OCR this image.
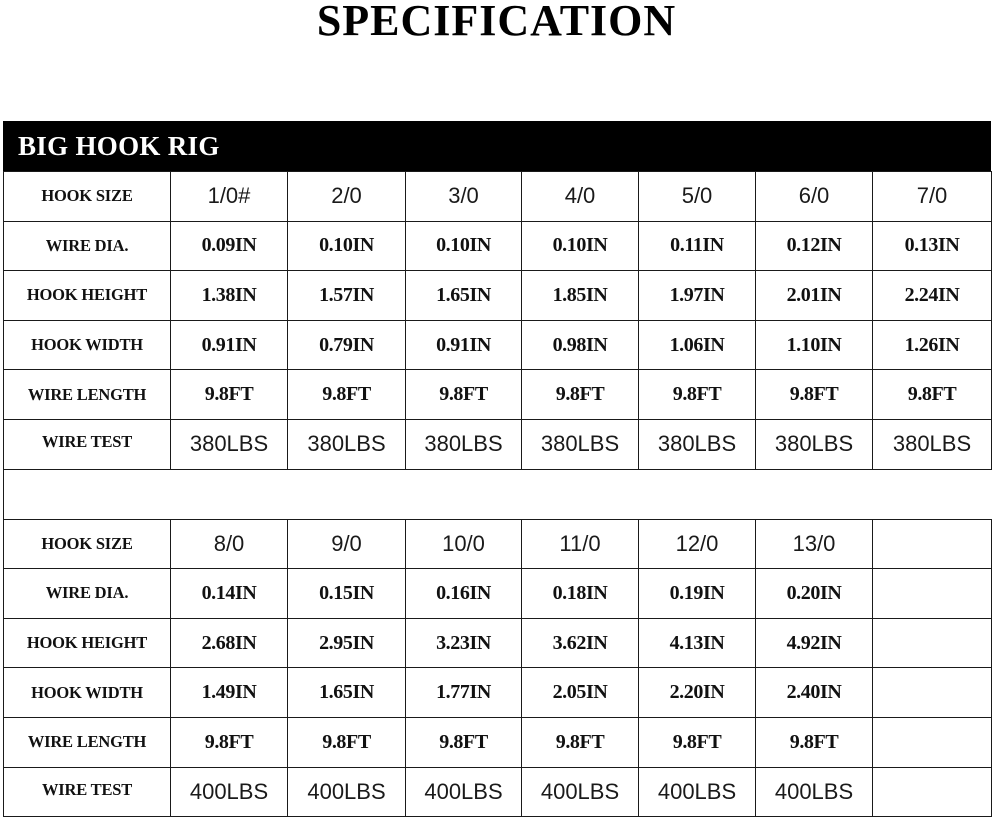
SPECIFICATION
BIG HOOK RIG
HOOK SIZE	1/0#	2/0	3/0	4/0	5/0	6/0	7/0
WIRE DIA.	0.09IN	0.10IN	0.10IN	0.10IN	0.11IN	0.12IN	0.13IN
HOOK HEIGHT	1.38IN	1.57IN	1.65IN	1.85IN	1.97IN	2.01IN	2.24IN
HOOK WIDTH	0.91IN	0.79IN	0.91IN	0.98IN	1.06IN	1.10IN	1.26IN
WIRE LENGTH	9.8FT	9.8FT	9.8FT	9.8FT	9.8FT	9.8FT	9.8FT
WIRE TEST	380LBS	380LBS	380LBS	380LBS	380LBS	380LBS	380LBS

HOOK SIZE	8/0	9/0	10/0	11/0	12/0	13/0	
WIRE DIA.	0.14IN	0.15IN	0.16IN	0.18IN	0.19IN	0.20IN	
HOOK HEIGHT	2.68IN	2.95IN	3.23IN	3.62IN	4.13IN	4.92IN	
HOOK WIDTH	1.49IN	1.65IN	1.77IN	2.05IN	2.20IN	2.40IN	
WIRE LENGTH	9.8FT	9.8FT	9.8FT	9.8FT	9.8FT	9.8FT	
WIRE TEST	400LBS	400LBS	400LBS	400LBS	400LBS	400LBS	
